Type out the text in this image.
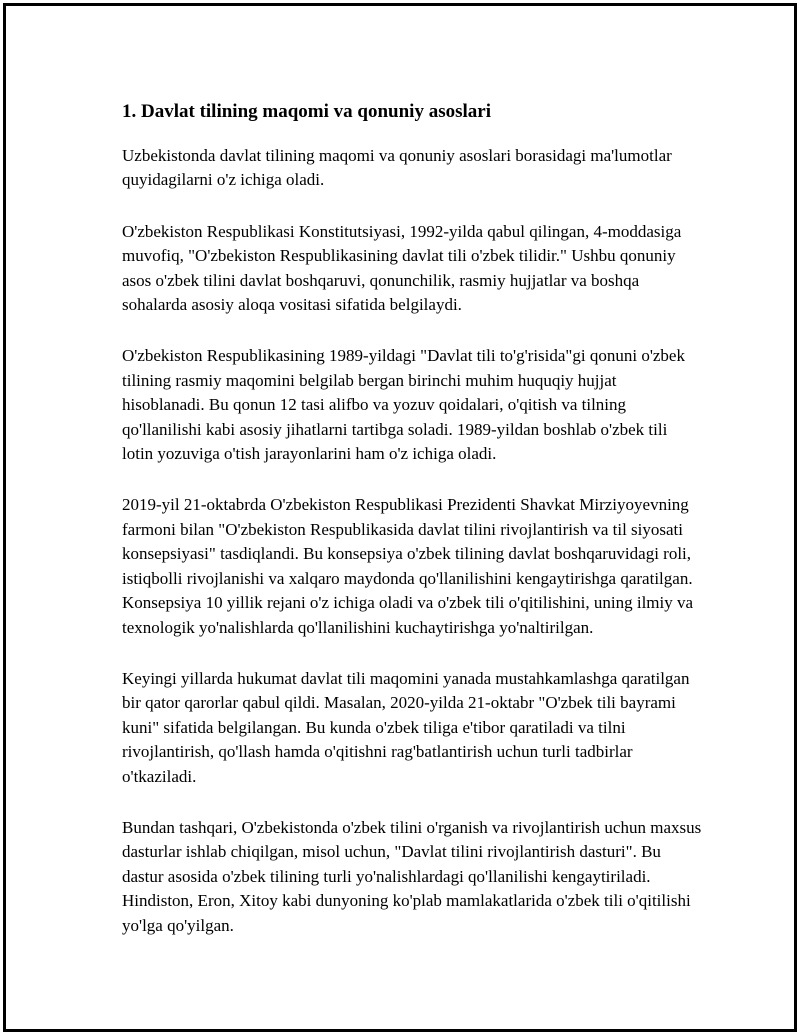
1. Davlat tilining maqomi va qonuniy asoslari

Uzbekistonda davlat tilining maqomi va qonuniy asoslari borasidagi ma'lumotlar quyidagilarni o'z ichiga oladi.

O'zbekiston Respublikasi Konstitutsiyasi, 1992-yilda qabul qilingan, 4-moddasiga muvofiq, "O'zbekiston Respublikasining davlat tili o'zbek tilidir." Ushbu qonuniy asos o'zbek tilini davlat boshqaruvi, qonunchilik, rasmiy hujjatlar va boshqa sohalarda asosiy aloqa vositasi sifatida belgilaydi.

O'zbekiston Respublikasining 1989-yildagi "Davlat tili to'g'risida"gi qonuni o'zbek tilining rasmiy maqomini belgilab bergan birinchi muhim huquqiy hujjat hisoblanadi. Bu qonun 12 tasi alifbo va yozuv qoidalari, o'qitish va tilning qo'llanilishi kabi asosiy jihatlarni tartibga soladi. 1989-yildan boshlab o'zbek tili lotin yozuviga o'tish jarayonlarini ham o'z ichiga oladi.

2019-yil 21-oktabrda O'zbekiston Respublikasi Prezidenti Shavkat Mirziyoyevning farmoni bilan "O'zbekiston Respublikasida davlat tilini rivojlantirish va til siyosati konsepsiyasi" tasdiqlandi. Bu konsepsiya o'zbek tilining davlat boshqaruvidagi roli, istiqbolli rivojlanishi va xalqaro maydonda qo'llanilishini kengaytirishga qaratilgan. Konsepsiya 10 yillik rejani o'z ichiga oladi va o'zbek tili o'qitilishini, uning ilmiy va texnologik yo'nalishlarda qo'llanilishini kuchaytirishga yo'naltirilgan.

Keyingi yillarda hukumat davlat tili maqomini yanada mustahkamlashga qaratilgan bir qator qarorlar qabul qildi. Masalan, 2020-yilda 21-oktabr "O'zbek tili bayrami kuni" sifatida belgilangan. Bu kunda o'zbek tiliga e'tibor qaratiladi va tilni rivojlantirish, qo'llash hamda o'qitishni rag'batlantirish uchun turli tadbirlar o'tkaziladi.

Bundan tashqari, O'zbekistonda o'zbek tilini o'rganish va rivojlantirish uchun maxsus dasturlar ishlab chiqilgan, misol uchun, "Davlat tilini rivojlantirish dasturi". Bu dastur asosida o'zbek tilining turli yo'nalishlardagi qo'llanilishi kengaytiriladi. Hindiston, Eron, Xitoy kabi dunyoning ko'plab mamlakatlarida o'zbek tili o'qitilishi yo'lga qo'yilgan.
